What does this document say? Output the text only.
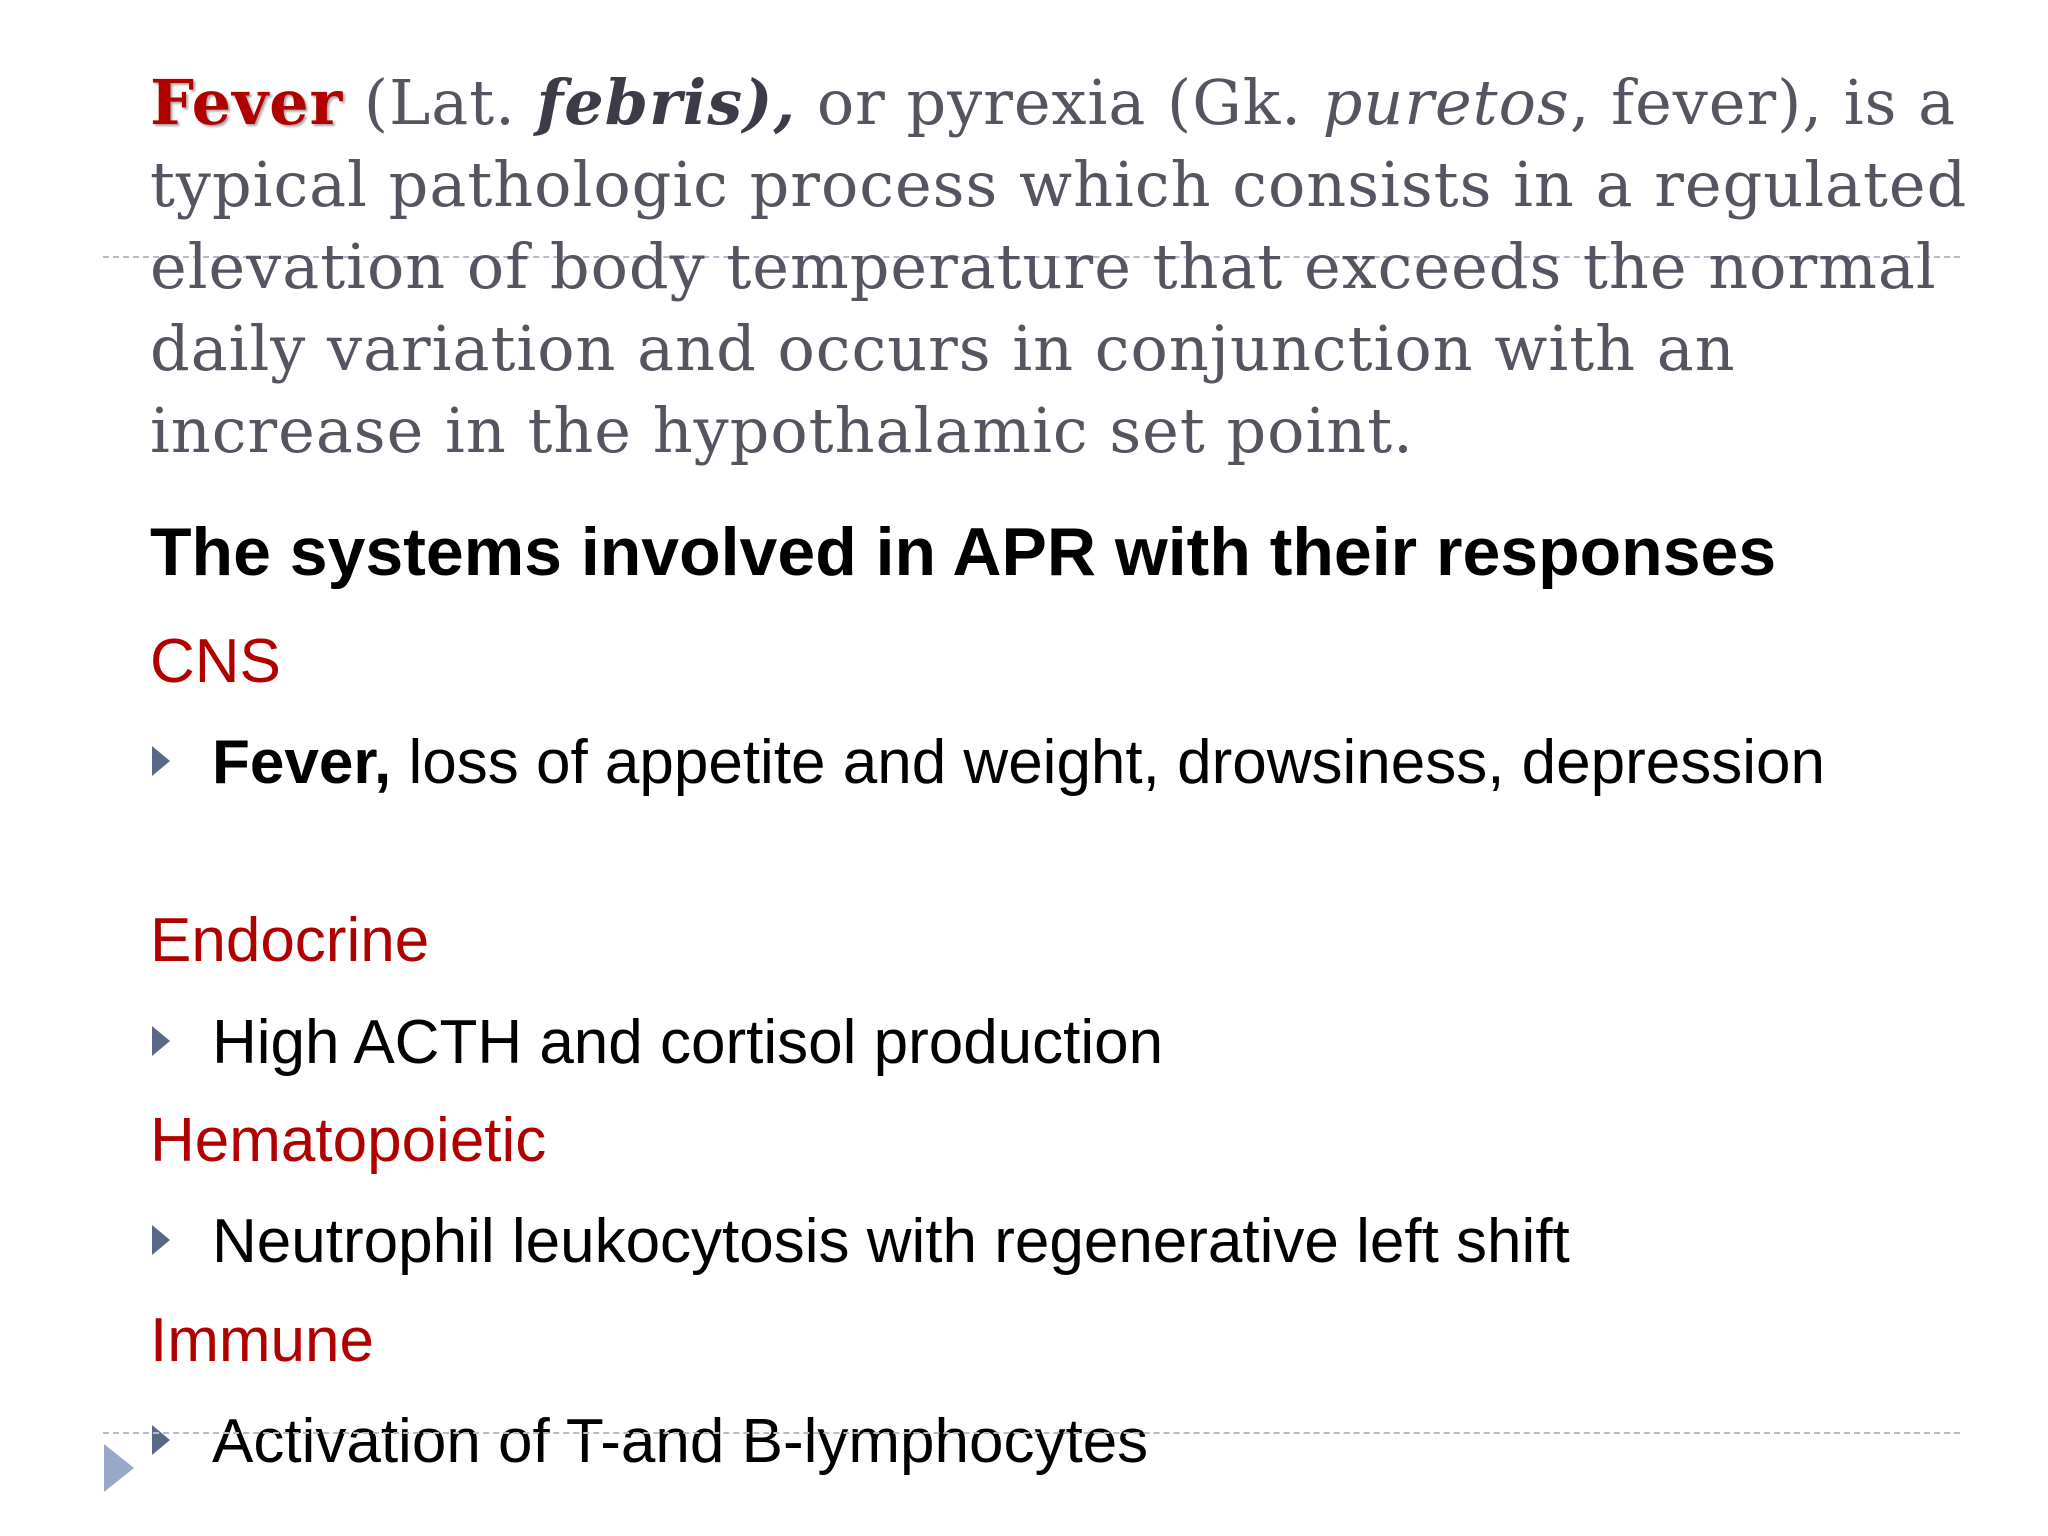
Fever (Lat. febris), or pyrexia (Gk. puretos, fever), is a typical pathologic process which consists in a regulated elevation of body temperature that exceeds the normal daily variation and occurs in conjunction with an increase in the hypothalamic set point.

The systems involved in APR with their responses

CNS

Fever, loss of appetite and weight, drowsiness, depression

Endocrine

High ACTH and cortisol production

Hematopoietic

Neutrophil leukocytosis with regenerative left shift

Immune

Activation of T-and B-lymphocytes
